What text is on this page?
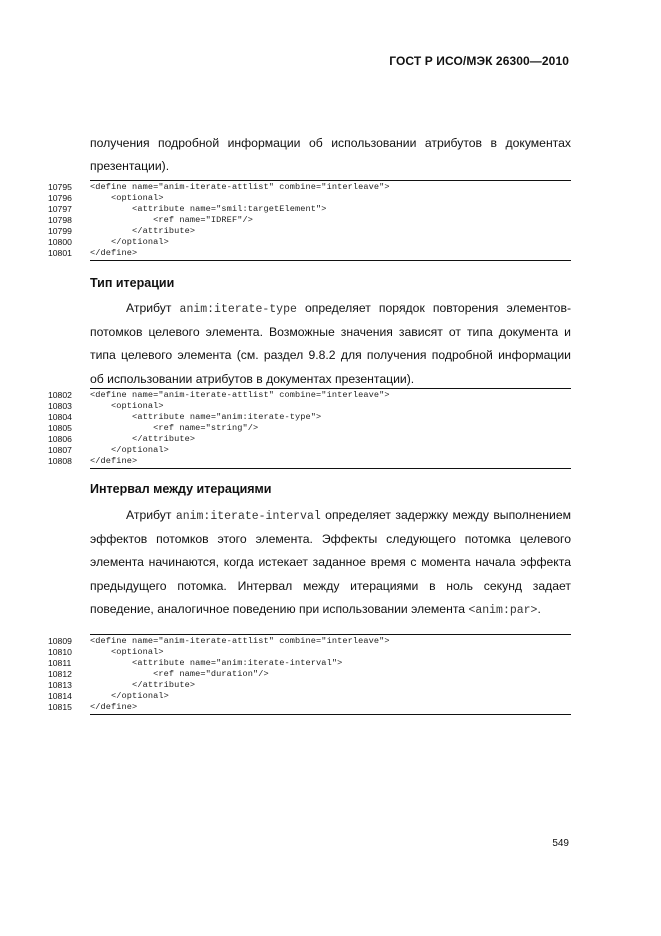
ГОСТ Р ИСО/МЭК 26300—2010
получения подробной информации об использовании атрибутов в документах
презентации).
10795	<define name="anim-iterate-attlist" combine="interleave">
10796	<optional>
10797	<attribute name="smil:targetElement">
10798	<ref name="IDREF"/>
10799	</attribute>
10800	</optional>
10801	</define>
Тип итерации
Атрибут anim:iterate-type определяет порядок повторения элементов-потомков целевого элемента. Возможные значения зависят от типа документа и типа целевого элемента (см. раздел 9.8.2 для получения подробной информации об использовании атрибутов в документах презентации).
10802	<define name="anim-iterate-attlist" combine="interleave">
10803	<optional>
10804	<attribute name="anim:iterate-type">
10805	<ref name="string"/>
10806	</attribute>
10807	</optional>
10808	</define>
Интервал между итерациями
Атрибут anim:iterate-interval определяет задержку между выполнением эффектов потомков этого элемента. Эффекты следующего потомка целевого элемента начинаются, когда истекает заданное время с момента начала эффекта предыдущего потомка. Интервал между итерациями в ноль секунд задает поведение, аналогичное поведению при использовании элемента <anim:par>.
10809	<define name="anim-iterate-attlist" combine="interleave">
10810	<optional>
10811	<attribute name="anim:iterate-interval">
10812	<ref name="duration"/>
10813	</attribute>
10814	</optional>
10815	</define>
549
